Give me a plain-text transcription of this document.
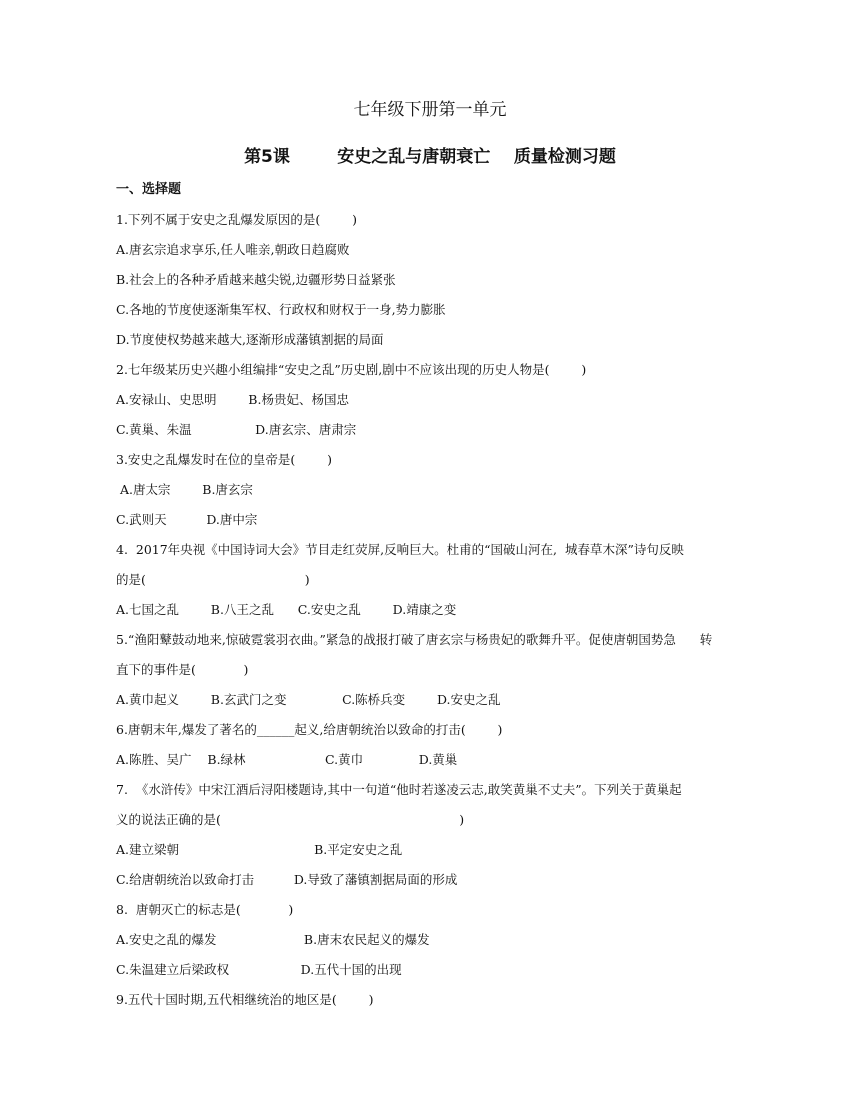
七年级下册第一单元
第5课        安史之乱与唐朝衰亡    质量检测习题
一、选择题
1.下列不属于安史之乱爆发原因的是(        )
A.唐玄宗追求享乐,任人唯亲,朝政日趋腐败
B.社会上的各种矛盾越来越尖锐,边疆形势日益紧张
C.各地的节度使逐渐集军权、行政权和财权于一身,势力膨胀
D.节度使权势越来越大,逐渐形成藩镇割据的局面
2.七年级某历史兴趣小组编排“安史之乱”历史剧,剧中不应该出现的历史人物是(        )
A.安禄山、史思明        B.杨贵妃、杨国忠
C.黄巢、朱温                D.唐玄宗、唐肃宗
3.安史之乱爆发时在位的皇帝是(        )
A.唐太宗        B.唐玄宗
C.武则天          D.唐中宗
4.  2017年央视《中国诗词大会》节目走红荧屏,反响巨大。杜甫的“国破山河在,  城春草木深”诗句反映
的是(                                        )
A.七国之乱        B.八王之乱      C.安史之乱        D.靖康之变
5.“渔阳鼙鼓动地来,惊破霓裳羽衣曲。”紧急的战报打破了唐玄宗与杨贵妃的歌舞升平。促使唐朝国势急      转
直下的事件是(            )
A.黄巾起义        B.玄武门之变              C.陈桥兵变        D.安史之乱
6.唐朝末年,爆发了著名的______起义,给唐朝统治以致命的打击(        )
A.陈胜、吴广    B.绿林                    C.黄巾              D.黄巢
7.  《水浒传》中宋江酒后浔阳楼题诗,其中一句道“他时若遂凌云志,敢笑黄巢不丈夫”。下列关于黄巢起
义的说法正确的是(                                                            )
A.建立梁朝                                  B.平定安史之乱
C.给唐朝统治以致命打击          D.导致了藩镇割据局面的形成
8.  唐朝灭亡的标志是(            )
A.安史之乱的爆发                      B.唐末农民起义的爆发
C.朱温建立后梁政权                  D.五代十国的出现
9.五代十国时期,五代相继统治的地区是(        )
